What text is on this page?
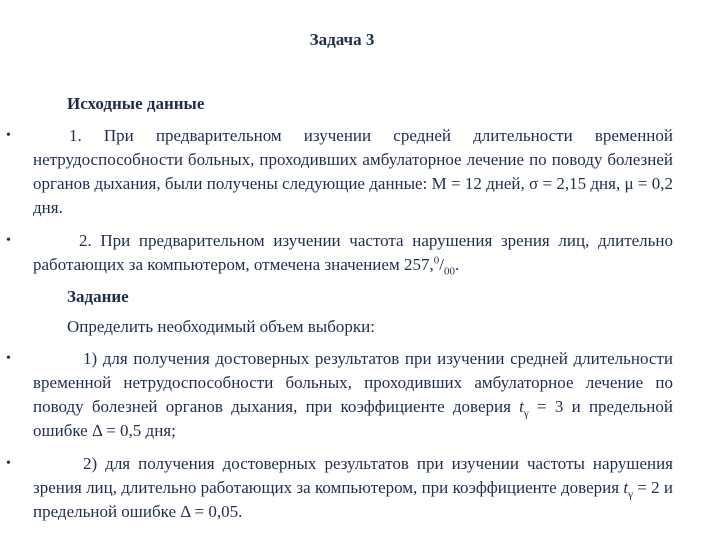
Задача 3
Исходные данные
•	1. При предварительном изучении средней длительности временной нетрудоспособности больных, проходивших амбулаторное лечение по поводу болезней органов дыхания, были получены следующие данные: М = 12 дней, σ = 2,15 дня, μ = 0,2 дня.
•	2. При предварительном изучении частота нарушения зрения лиц, длительно работающих за компьютером, отмечена значением $257,^0/_{00}$.
Задание
Определить необходимый объем выборки:
•	1) для получения достоверных результатов при изучении средней длительности временной нетрудоспособности больных, проходивших амбулаторное лечение по поводу болезней органов дыхания, при коэффициенте доверия $t_\gamma = 3$ и предельной ошибке Δ = 0,5 дня;
•	2) для получения достоверных результатов при изучении частоты нарушения зрения лиц, длительно работающих за компьютером, при коэффициенте доверия $t_\gamma = 2$ и предельной ошибке Δ = 0,05.
